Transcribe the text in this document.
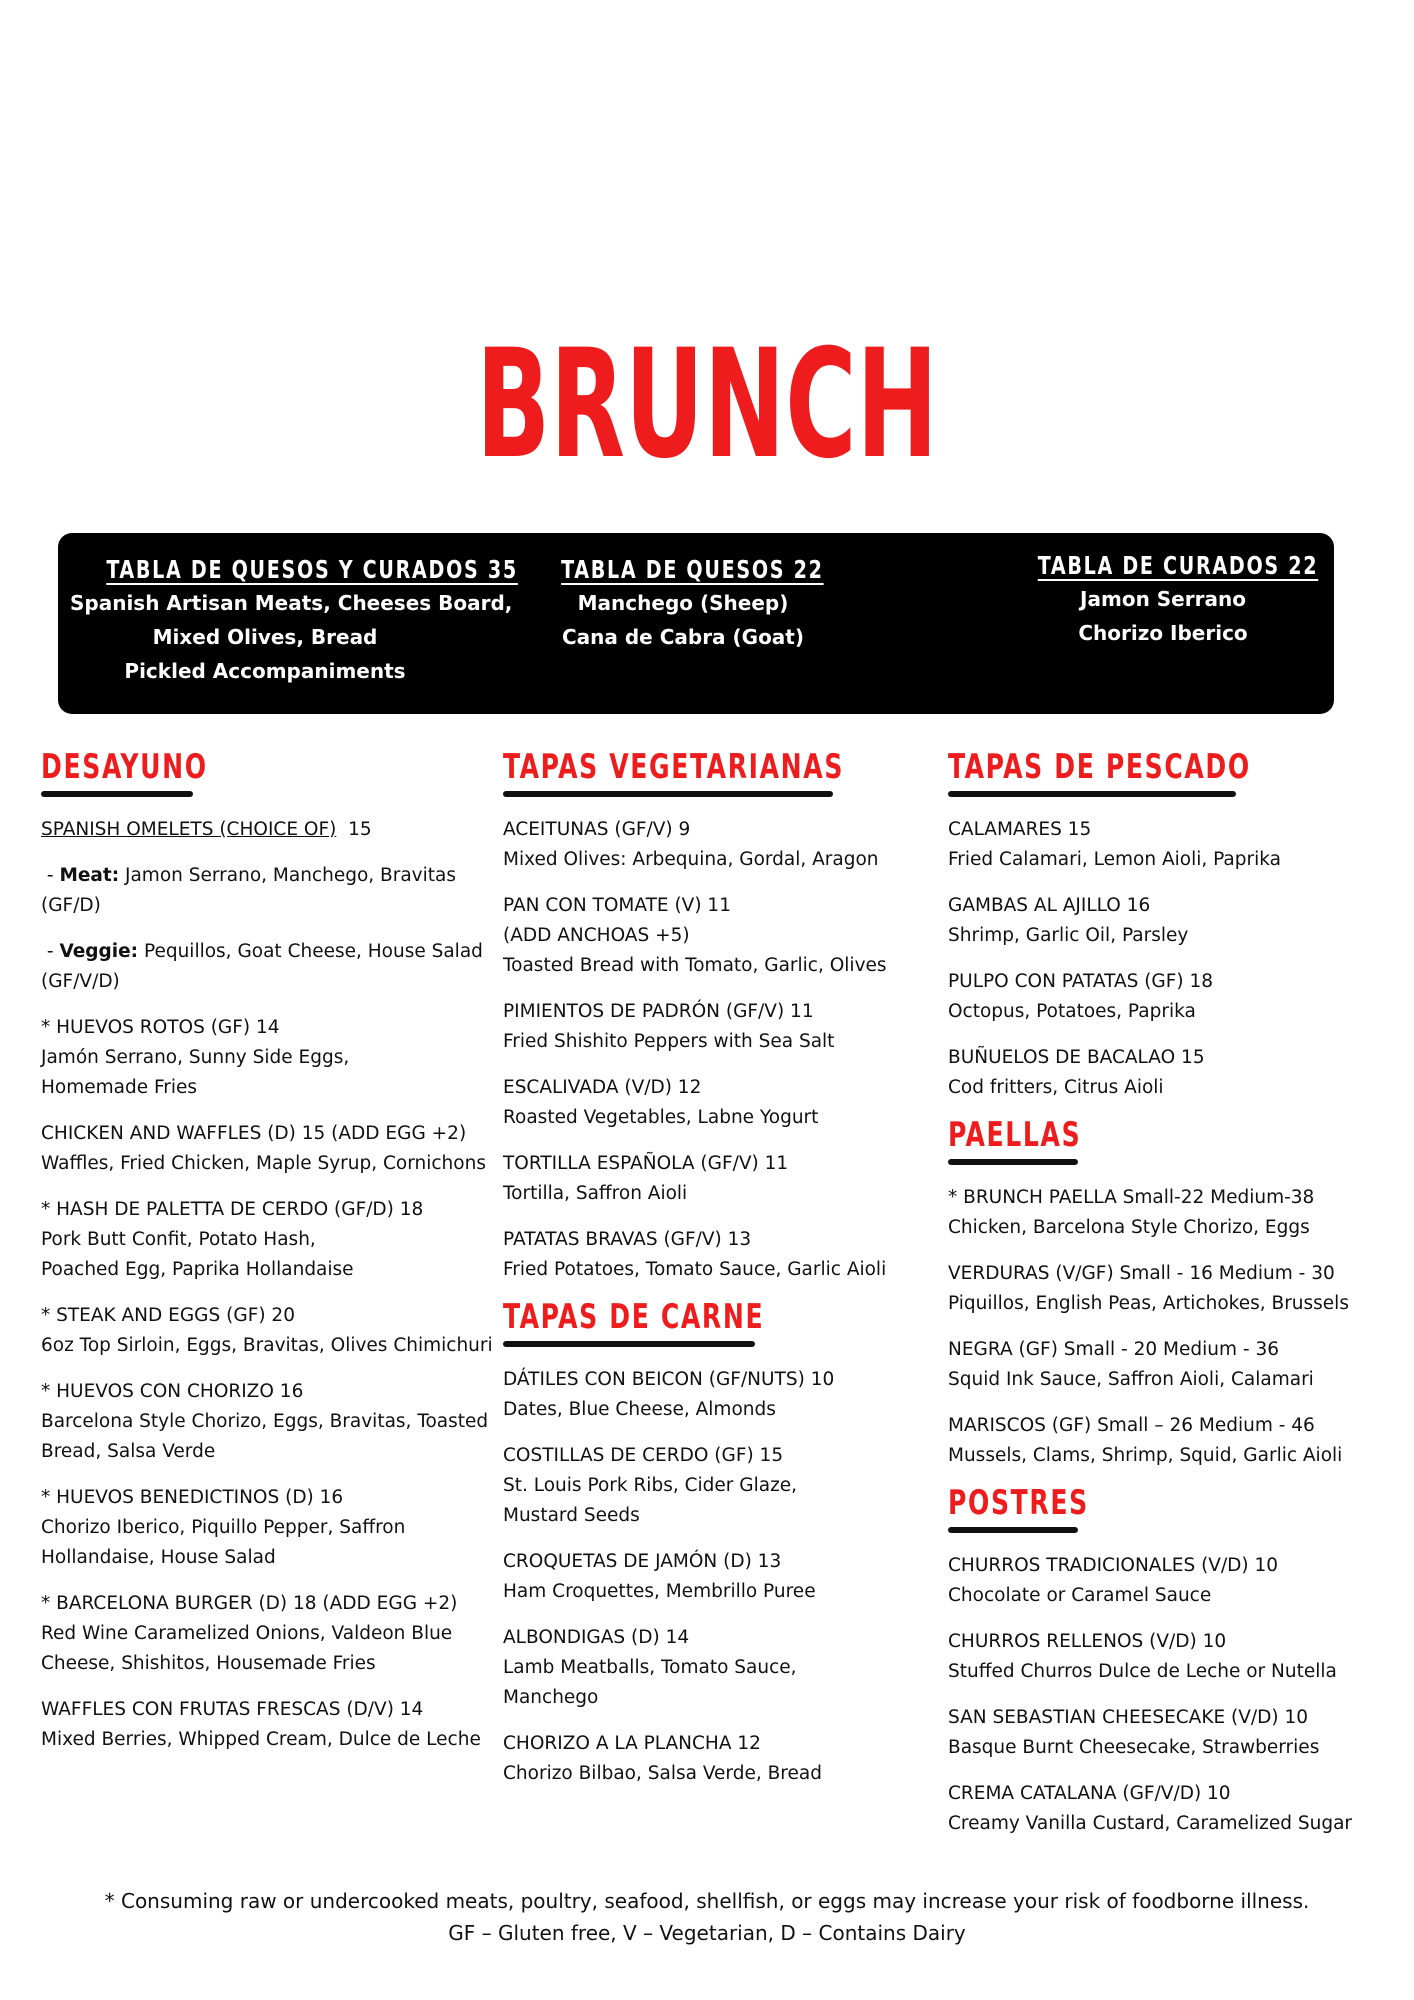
BRUNCH
TABLA DE QUESOS Y CURADOS 35
Spanish Artisan Meats, Cheeses Board,
Mixed Olives, Bread
Pickled Accompaniments
TABLA DE QUESOS 22
Manchego (Sheep)
Cana de Cabra (Goat)
TABLA DE CURADOS 22
Jamon Serrano
Chorizo Iberico
DESAYUNO
SPANISH OMELETS (CHOICE OF) 15
- Meat: Jamon Serrano, Manchego, Bravitas
(GF/D)
- Veggie: Pequillos, Goat Cheese, House Salad
(GF/V/D)
* HUEVOS ROTOS (GF) 14
Jamón Serrano, Sunny Side Eggs,
Homemade Fries
CHICKEN AND WAFFLES (D) 15 (ADD EGG +2)
Waffles, Fried Chicken, Maple Syrup, Cornichons
* HASH DE PALETTA DE CERDO (GF/D) 18
Pork Butt Confit, Potato Hash,
Poached Egg, Paprika Hollandaise
* STEAK AND EGGS (GF) 20
6oz Top Sirloin, Eggs, Bravitas, Olives Chimichuri
* HUEVOS CON CHORIZO 16
Barcelona Style Chorizo, Eggs, Bravitas, Toasted
Bread, Salsa Verde
* HUEVOS BENEDICTINOS (D) 16
Chorizo Iberico, Piquillo Pepper, Saffron
Hollandaise, House Salad
* BARCELONA BURGER (D) 18 (ADD EGG +2)
Red Wine Caramelized Onions, Valdeon Blue
Cheese, Shishitos, Housemade Fries
WAFFLES CON FRUTAS FRESCAS (D/V) 14
Mixed Berries, Whipped Cream, Dulce de Leche
TAPAS VEGETARIANAS
ACEITUNAS (GF/V) 9
Mixed Olives: Arbequina, Gordal, Aragon
PAN CON TOMATE (V) 11
(ADD ANCHOAS +5)
Toasted Bread with Tomato, Garlic, Olives
PIMIENTOS DE PADRÓN (GF/V) 11
Fried Shishito Peppers with Sea Salt
ESCALIVADA (V/D) 12
Roasted Vegetables, Labne Yogurt
TORTILLA ESPAÑOLA (GF/V) 11
Tortilla, Saffron Aioli
PATATAS BRAVAS (GF/V) 13
Fried Potatoes, Tomato Sauce, Garlic Aioli
TAPAS DE CARNE
DÁTILES CON BEICON (GF/NUTS) 10
Dates, Blue Cheese, Almonds
COSTILLAS DE CERDO (GF) 15
St. Louis Pork Ribs, Cider Glaze,
Mustard Seeds
CROQUETAS DE JAMÓN (D) 13
Ham Croquettes, Membrillo Puree
ALBONDIGAS (D) 14
Lamb Meatballs, Tomato Sauce,
Manchego
CHORIZO A LA PLANCHA 12
Chorizo Bilbao, Salsa Verde, Bread
TAPAS DE PESCADO
CALAMARES 15
Fried Calamari, Lemon Aioli, Paprika
GAMBAS AL AJILLO 16
Shrimp, Garlic Oil, Parsley
PULPO CON PATATAS (GF) 18
Octopus, Potatoes, Paprika
BUÑUELOS DE BACALAO 15
Cod fritters, Citrus Aioli
PAELLAS
* BRUNCH PAELLA Small-22 Medium-38
Chicken, Barcelona Style Chorizo, Eggs
VERDURAS (V/GF) Small - 16 Medium - 30
Piquillos, English Peas, Artichokes, Brussels
NEGRA (GF) Small - 20 Medium - 36
Squid Ink Sauce, Saffron Aioli, Calamari
MARISCOS (GF) Small – 26 Medium - 46
Mussels, Clams, Shrimp, Squid, Garlic Aioli
POSTRES
CHURROS TRADICIONALES (V/D) 10
Chocolate or Caramel Sauce
CHURROS RELLENOS (V/D) 10
Stuffed Churros Dulce de Leche or Nutella
SAN SEBASTIAN CHEESECAKE (V/D) 10
Basque Burnt Cheesecake, Strawberries
CREMA CATALANA (GF/V/D) 10
Creamy Vanilla Custard, Caramelized Sugar
* Consuming raw or undercooked meats, poultry, seafood, shellfish, or eggs may increase your risk of foodborne illness.
GF – Gluten free, V – Vegetarian, D – Contains Dairy
